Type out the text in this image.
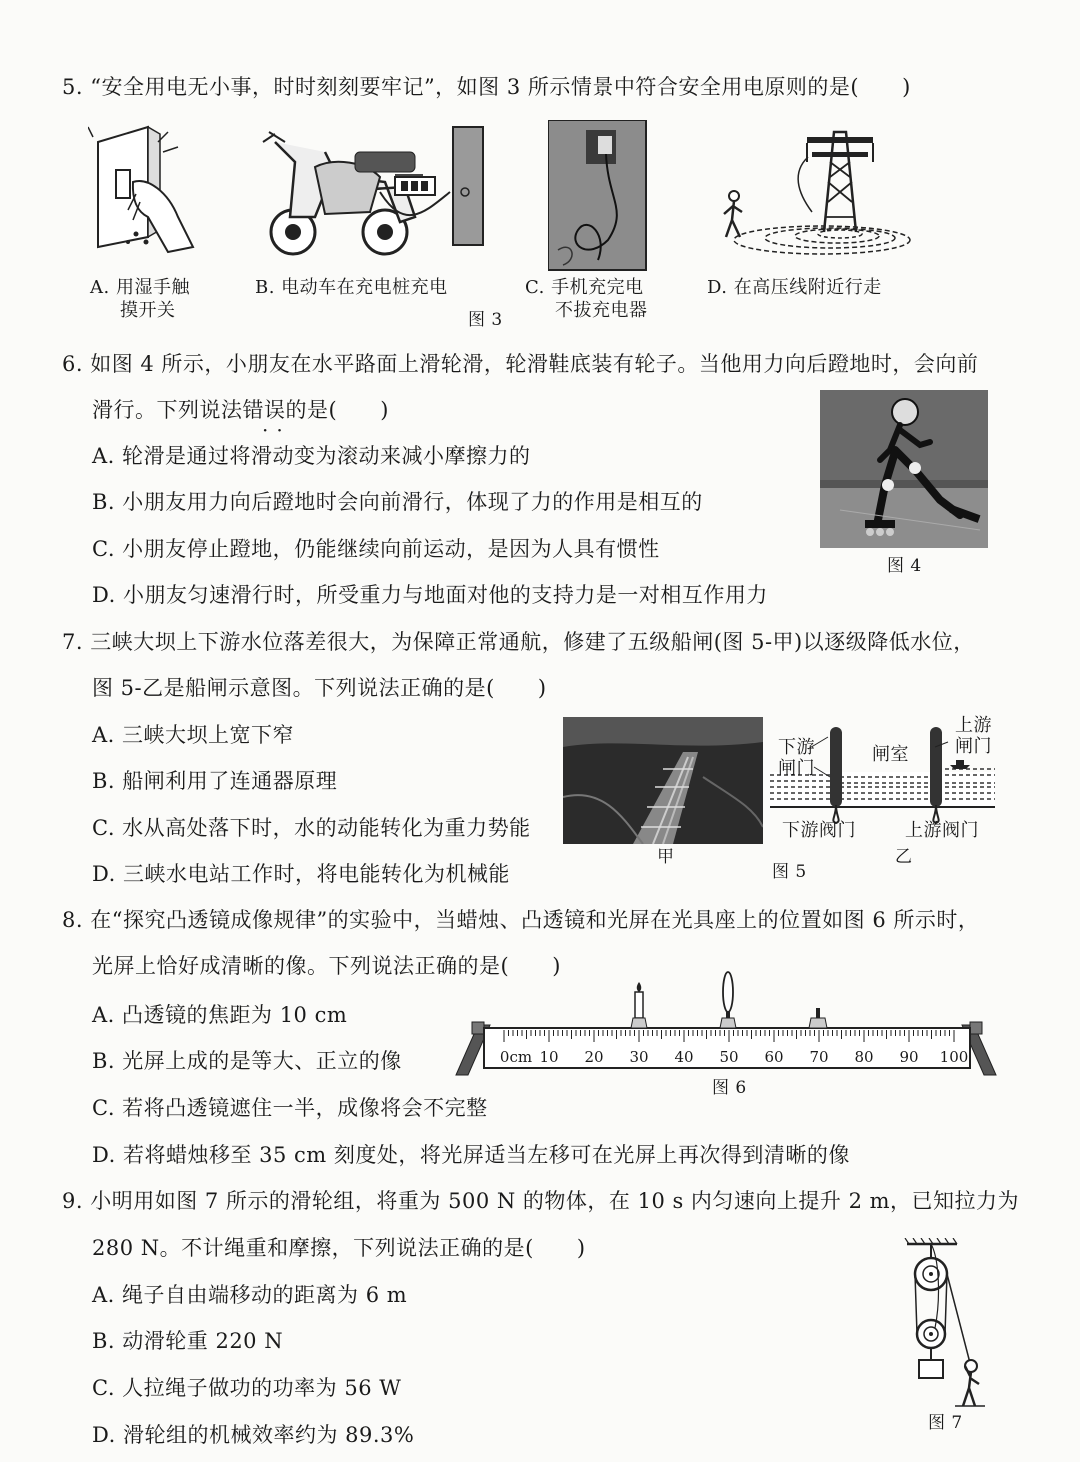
5. “安全用电无小事，时时刻刻要牢记”，如图 3 所示情景中符合安全用电原则的是(　　)
A. 用湿手触
摸开关
B. 电动车在充电桩充电	C. 手机充完电
不拔充电器
D. 在高压线附近行走
图 3
6. 如图 4 所示，小朋友在水平路面上滑轮滑，轮滑鞋底装有轮子。当他用力向后蹬地时，会向前
滑行。下列说法错误的是(　　)
··
A. 轮滑是通过将滑动变为滚动来减小摩擦力的
B. 小朋友用力向后蹬地时会向前滑行，体现了力的作用是相互的
C. 小朋友停止蹬地，仍能继续向前运动，是因为人具有惯性
D. 小朋友匀速滑行时，所受重力与地面对他的支持力是一对相互作用力
图 4
7. 三峡大坝上下游水位落差很大，为保障正常通航，修建了五级船闸(图 5-甲)以逐级降低水位，
图 5-乙是船闸示意图。下列说法正确的是(　　)
A. 三峡大坝上宽下窄
B. 船闸利用了连通器原理
C. 水从高处落下时，水的动能转化为重力势能
D. 三峡水电站工作时，将电能转化为机械能
甲
下游
闸门
闸室
上游
闸门
下游阀门	上游阀门
图 5
乙
8. 在“探究凸透镜成像规律”的实验中，当蜡烛、凸透镜和光屏在光具座上的位置如图 6 所示时，
光屏上恰好成清晰的像。下列说法正确的是(　　)
A. 凸透镜的焦距为 10 cm
B. 光屏上成的是等大、正立的像
C. 若将凸透镜遮住一半，成像将会不完整
D. 若将蜡烛移至 35 cm 刻度处，将光屏适当左移可在光屏上再次得到清晰的像
0cm 10 20 30 40 50 60 70 80 90 100
图 6
9. 小明用如图 7 所示的滑轮组，将重为 500 N 的物体，在 10 s 内匀速向上提升 2 m，已知拉力为
280 N。不计绳重和摩擦，下列说法正确的是(　　)
A. 绳子自由端移动的距离为 6 m
B. 动滑轮重 220 N
C. 人拉绳子做功的功率为 56 W
D. 滑轮组的机械效率约为 89.3%	图 7
